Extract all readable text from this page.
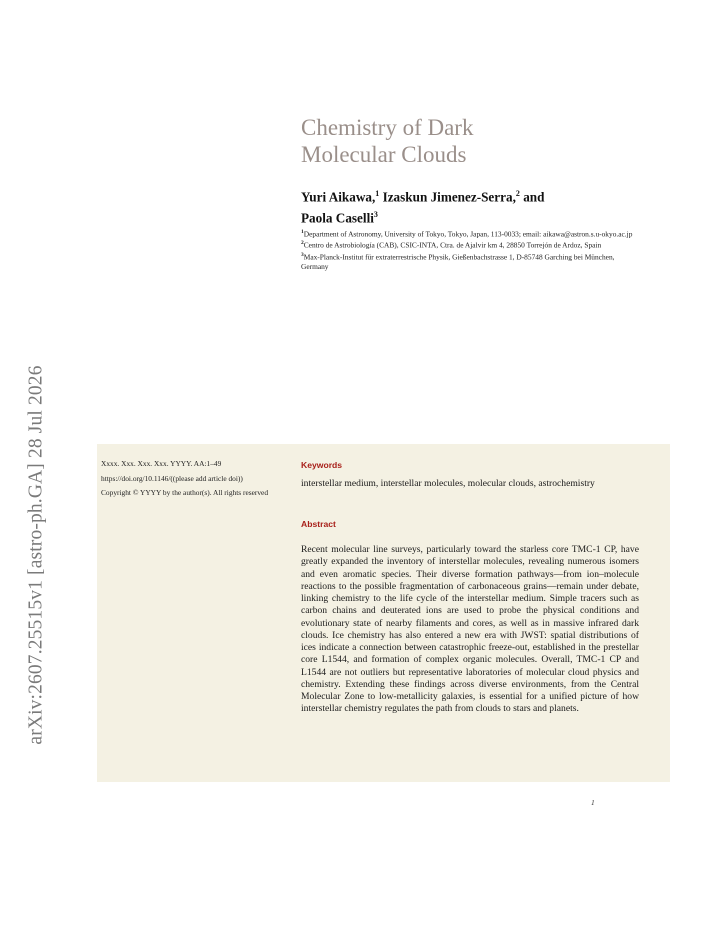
arXiv:2607.25515v1 [astro-ph.GA] 28 Jul 2026
Chemistry of Dark
Molecular Clouds
Yuri Aikawa,$^1$ Izaskun Jimenez-Serra,$^2$ and
Paola Caselli$^3$
$^1$Department of Astronomy, University of Tokyo, Tokyo, Japan, 113-0033; email: aikawa@astron.s.u-okyo.ac.jp
$^2$Centro de Astrobiología (CAB), CSIC-INTA, Ctra. de Ajalvir km 4, 28850 Torrejón de Ardoz, Spain
$^3$Max-Planck-Institut für extraterrestrische Physik, Gießenbachstrasse 1, D-85748 Garching bei München, Germany

Xxxx. Xxx. Xxx. Xxx. YYYY. AA:1–49

https://doi.org/10.1146/((please add article doi))

Copyright © YYYY by the author(s). All rights reserved

Keywords
interstellar medium, interstellar molecules, molecular clouds, astrochemistry
Abstract
Recent molecular line surveys, particularly toward the starless core TMC-1 CP, have greatly expanded the inventory of interstellar molecules, revealing numerous isomers and even aromatic species. Their diverse formation pathways—from ion–molecule reactions to the possible fragmentation of carbonaceous grains—remain under debate, linking chemistry to the life cycle of the interstellar medium. Simple tracers such as carbon chains and deuterated ions are used to probe the physical conditions and evolutionary state of nearby filaments and cores, as well as in massive infrared dark clouds. Ice chemistry has also entered a new era with JWST: spatial distributions of ices indicate a connection between catastrophic freeze-out, established in the prestellar core L1544, and formation of complex organic molecules. Overall, TMC-1 CP and L1544 are not outliers but representative laboratories of molecular cloud physics and chemistry. Extending these findings across diverse environments, from the Central Molecular Zone to low-metallicity galaxies, is essential for a unified picture of how interstellar chemistry regulates the path from clouds to stars and planets.
1
